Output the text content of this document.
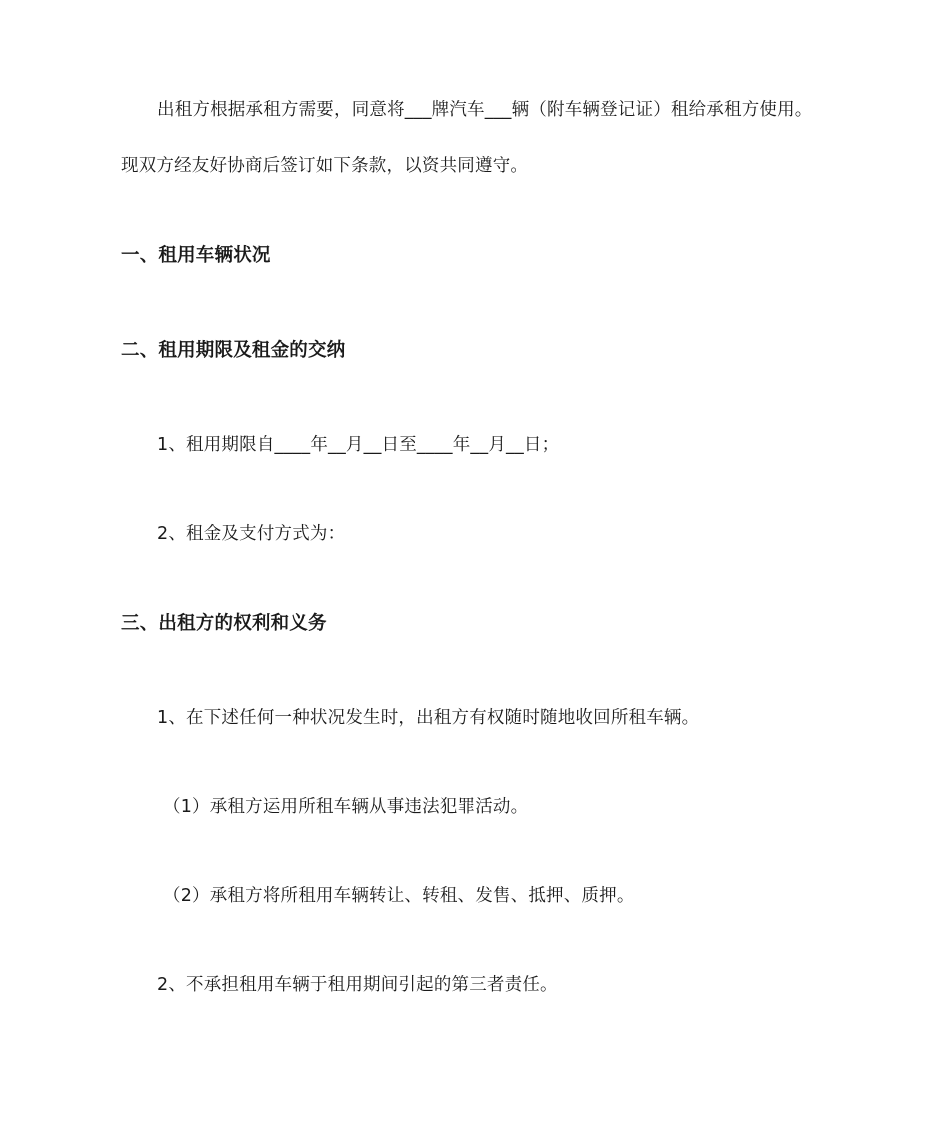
出租方根据承租方需要，同意将___牌汽车___辆（附车辆登记证）租给承租方使用。
现双方经友好协商后签订如下条款，以资共同遵守。
一、租用车辆状况
二、租用期限及租金的交纳
1、租用期限自____年__月__日至____年__月__日；
2、租金及支付方式为：
三、出租方的权利和义务
1、在下述任何一种状况发生时，出租方有权随时随地收回所租车辆。
（1）承租方运用所租车辆从事违法犯罪活动。
（2）承租方将所租用车辆转让、转租、发售、抵押、质押。
2、不承担租用车辆于租用期间引起的第三者责任。
